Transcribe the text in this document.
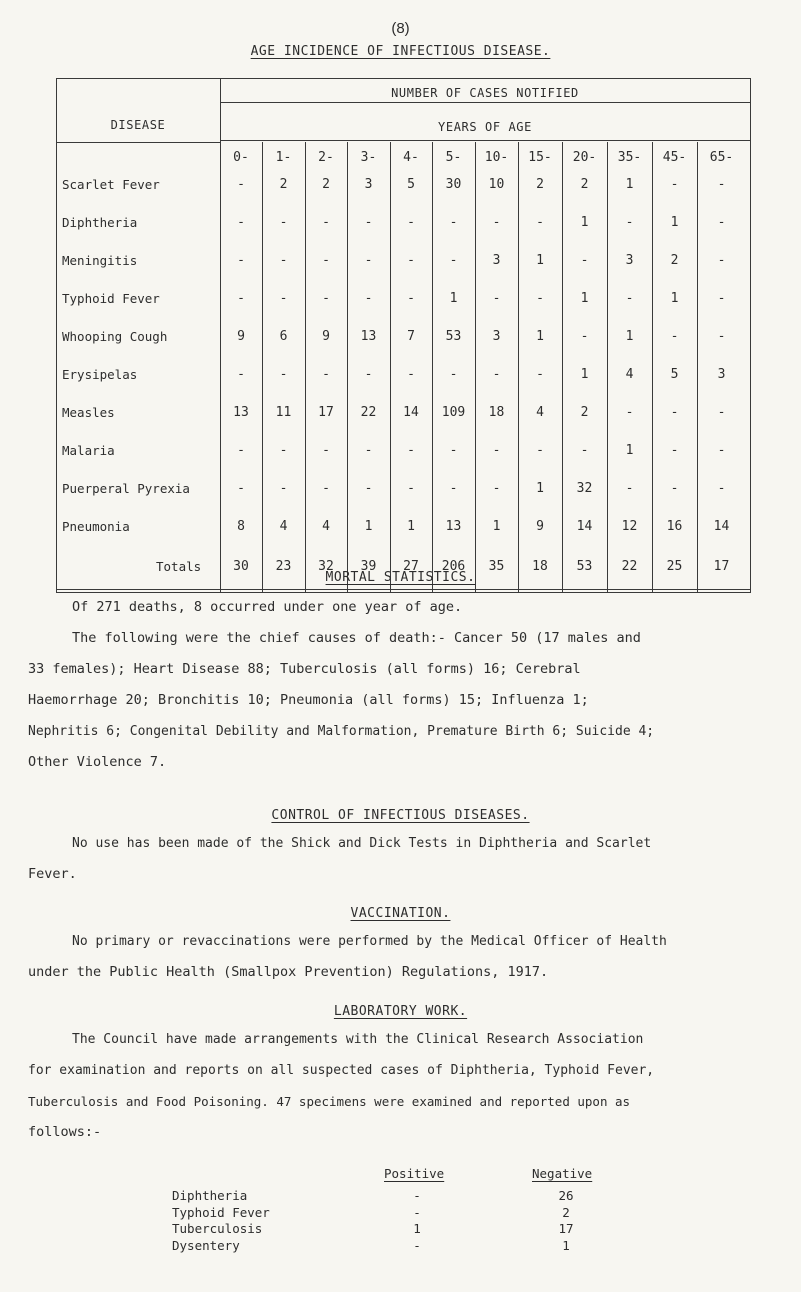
(8)
AGE INCIDENCE OF INFECTIOUS DISEASE.
DISEASE
NUMBER OF CASES NOTIFIED
YEARS OF AGE
0-	1-	2-	3-	4-	5-	10-	15-	20-	35-	45-	65-
Scarlet Fever	-	2	2	3	5	30	10	2	2	1	-	-
Diphtheria	-	-	-	-	-	-	-	-	1	-	1	-
Meningitis	-	-	-	-	-	-	3	1	-	3	2	-
Typhoid Fever	-	-	-	-	-	1	-	-	1	-	1	-
Whooping Cough	9	6	9	13	7	53	3	1	-	1	-	-
Erysipelas	-	-	-	-	-	-	-	-	1	4	5	3
Measles	13	11	17	22	14	109	18	4	2	-	-	-
Malaria	-	-	-	-	-	-	-	-	-	1	-	-
Puerperal Pyrexia	-	-	-	-	-	-	-	1	32	-	-	-
Pneumonia	8	4	4	1	1	13	1	9	14	12	16	14
Totals	30	23	32	39	27	206	35	18	53	22	25	17
MORTAL STATISTICS.
Of 271 deaths, 8 occurred under one year of age.
The following were the chief causes of death:- Cancer 50 (17 males and
33 females); Heart Disease 88; Tuberculosis (all forms) 16; Cerebral
Haemorrhage 20; Bronchitis 10; Pneumonia (all forms) 15; Influenza 1;
Nephritis 6; Congenital Debility and Malformation, Premature Birth 6; Suicide 4;
Other Violence 7.
CONTROL OF INFECTIOUS DISEASES.
No use has been made of the Shick and Dick Tests in Diphtheria and Scarlet
Fever.
VACCINATION.
No primary or revaccinations were performed by the Medical Officer of Health
under the Public Health (Smallpox Prevention) Regulations, 1917.
LABORATORY WORK.
The Council have made arrangements with the Clinical Research Association
for examination and reports on all suspected cases of Diphtheria, Typhoid Fever,
Tuberculosis and Food Poisoning. 47 specimens were examined and reported upon as
follows:-
Positive	Negative
Diphtheria	-	26
Typhoid Fever	-	2
Tuberculosis	1	17
Dysentery	-	1
